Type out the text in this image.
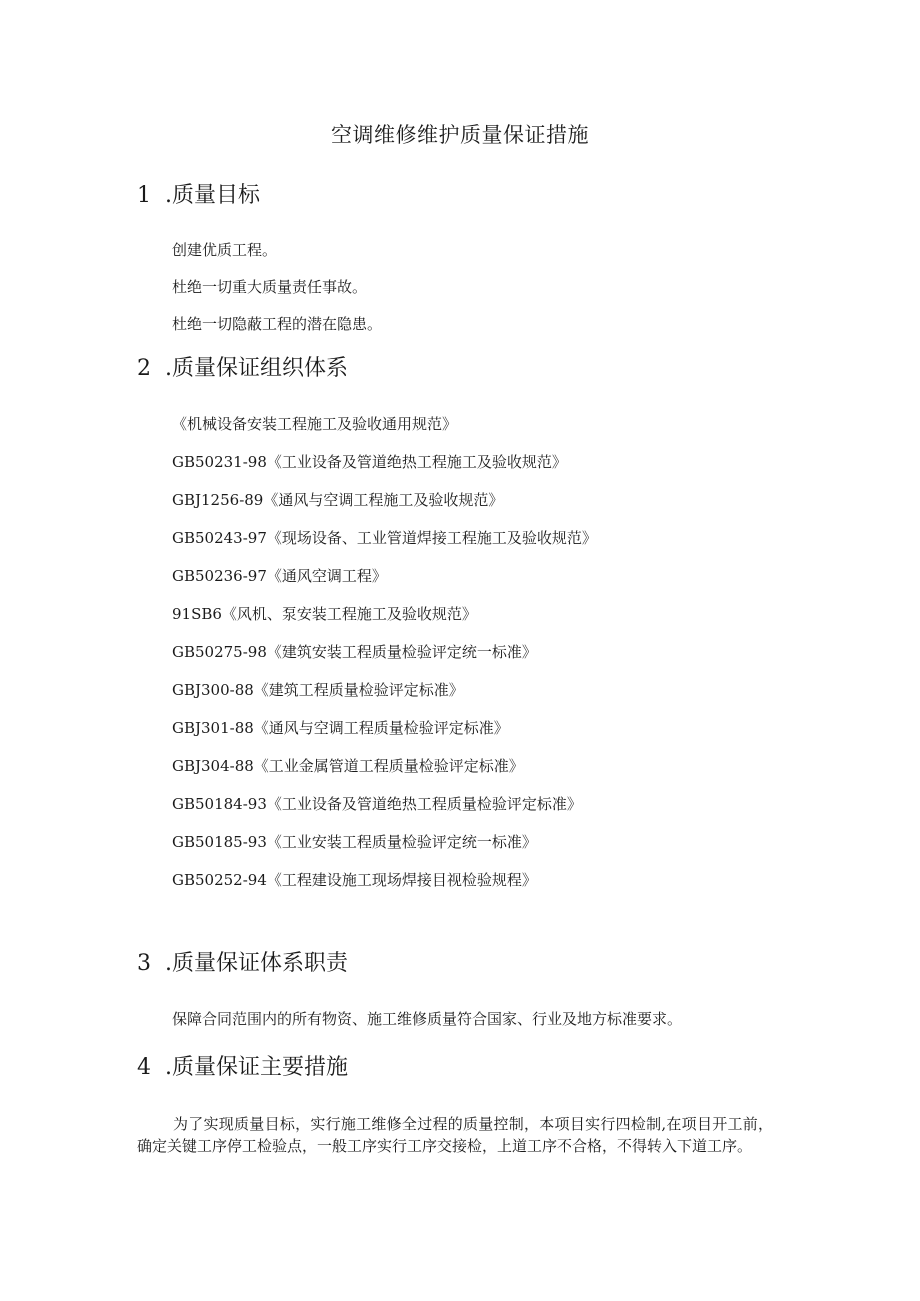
空调维修维护质量保证措施
1 .质量目标
创建优质工程。
杜绝一切重大质量责任事故。
杜绝一切隐蔽工程的潜在隐患。
2 .质量保证组织体系
《机械设备安装工程施工及验收通用规范》
GB50231-98《工业设备及管道绝热工程施工及验收规范》
GBJ1256-89《通风与空调工程施工及验收规范》
GB50243-97《现场设备、工业管道焊接工程施工及验收规范》
GB50236-97《通风空调工程》
91SB6《风机、泵安装工程施工及验收规范》
GB50275-98《建筑安装工程质量检验评定统一标准》
GBJ300-88《建筑工程质量检验评定标准》
GBJ301-88《通风与空调工程质量检验评定标准》
GBJ304-88《工业金属管道工程质量检验评定标准》
GB50184-93《工业设备及管道绝热工程质量检验评定标准》
GB50185-93《工业安装工程质量检验评定统一标准》
GB50252-94《工程建设施工现场焊接目视检验规程》
3 .质量保证体系职责
保障合同范围内的所有物资、施工维修质量符合国家、行业及地方标准要求。
4 .质量保证主要措施
为了实现质量目标，实行施工维修全过程的质量控制，本项目实行四检制,在项目开工前，确定关键工序停工检验点，一般工序实行工序交接检，上道工序不合格，不得转入下道工序。
